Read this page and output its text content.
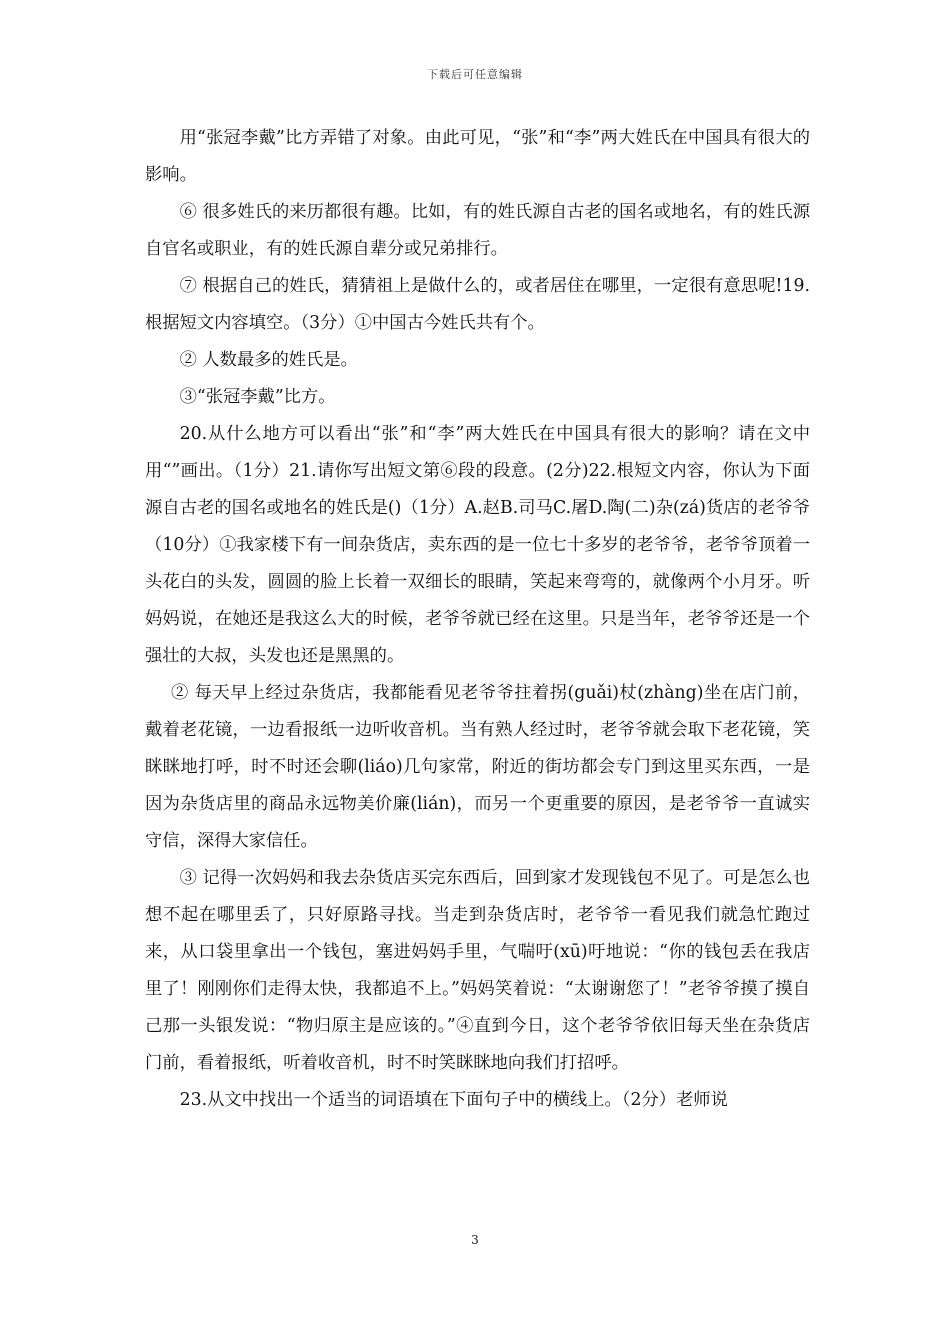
下载后可任意编辑

用“张冠李戴”比方弄错了对象。由此可见，“张”和“李”两大姓氏在中国具有很大的影响。

⑥ 很多姓氏的来历都很有趣。比如，有的姓氏源自古老的国名或地名，有的姓氏源自官名或职业，有的姓氏源自辈分或兄弟排行。

⑦ 根据自己的姓氏，猜猜祖上是做什么的，或者居住在哪里，一定很有意思呢!19.根据短文内容填空。（3分）①中国古今姓氏共有个。

② 人数最多的姓氏是。

③“张冠李戴”比方。

20.从什么地方可以看出“张”和“李”两大姓氏在中国具有很大的影响？请在文中用“”画出。（1分）21.请你写出短文第⑥段的段意。(2分)22.根短文内容，你认为下面源自古老的国名或地名的姓氏是()（1分）A.赵B.司马C.屠D.陶(二)杂(zá)货店的老爷爷（10分）①我家楼下有一间杂货店，卖东西的是一位七十多岁的老爷爷，老爷爷顶着一头花白的头发，圆圆的脸上长着一双细长的眼睛，笑起来弯弯的，就像两个小月牙。听妈妈说，在她还是我这么大的时候，老爷爷就已经在这里。只是当年，老爷爷还是一个强壮的大叔，头发也还是黑黑的。

② 每天早上经过杂货店，我都能看见老爷爷拄着拐(guǎi)杖(zhàng)坐在店门前，戴着老花镜，一边看报纸一边听收音机。当有熟人经过时，老爷爷就会取下老花镜，笑眯眯地打呼，时不时还会聊(liáo)几句家常，附近的街坊都会专门到这里买东西，一是因为杂货店里的商品永远物美价廉(lián)，而另一个更重要的原因，是老爷爷一直诚实守信，深得大家信任。

③ 记得一次妈妈和我去杂货店买完东西后，回到家才发现钱包不见了。可是怎么也想不起在哪里丢了，只好原路寻找。当走到杂货店时，老爷爷一看见我们就急忙跑过来，从口袋里拿出一个钱包，塞进妈妈手里，气喘吁(xū)吁地说：“你的钱包丢在我店里了！刚刚你们走得太快，我都追不上。”妈妈笑着说：“太谢谢您了！”老爷爷摸了摸自己那一头银发说：“物归原主是应该的。”④直到今日，这个老爷爷依旧每天坐在杂货店门前，看着报纸，听着收音机，时不时笑眯眯地向我们打招呼。

23.从文中找出一个适当的词语填在下面句子中的横线上。（2分）老师说

3
